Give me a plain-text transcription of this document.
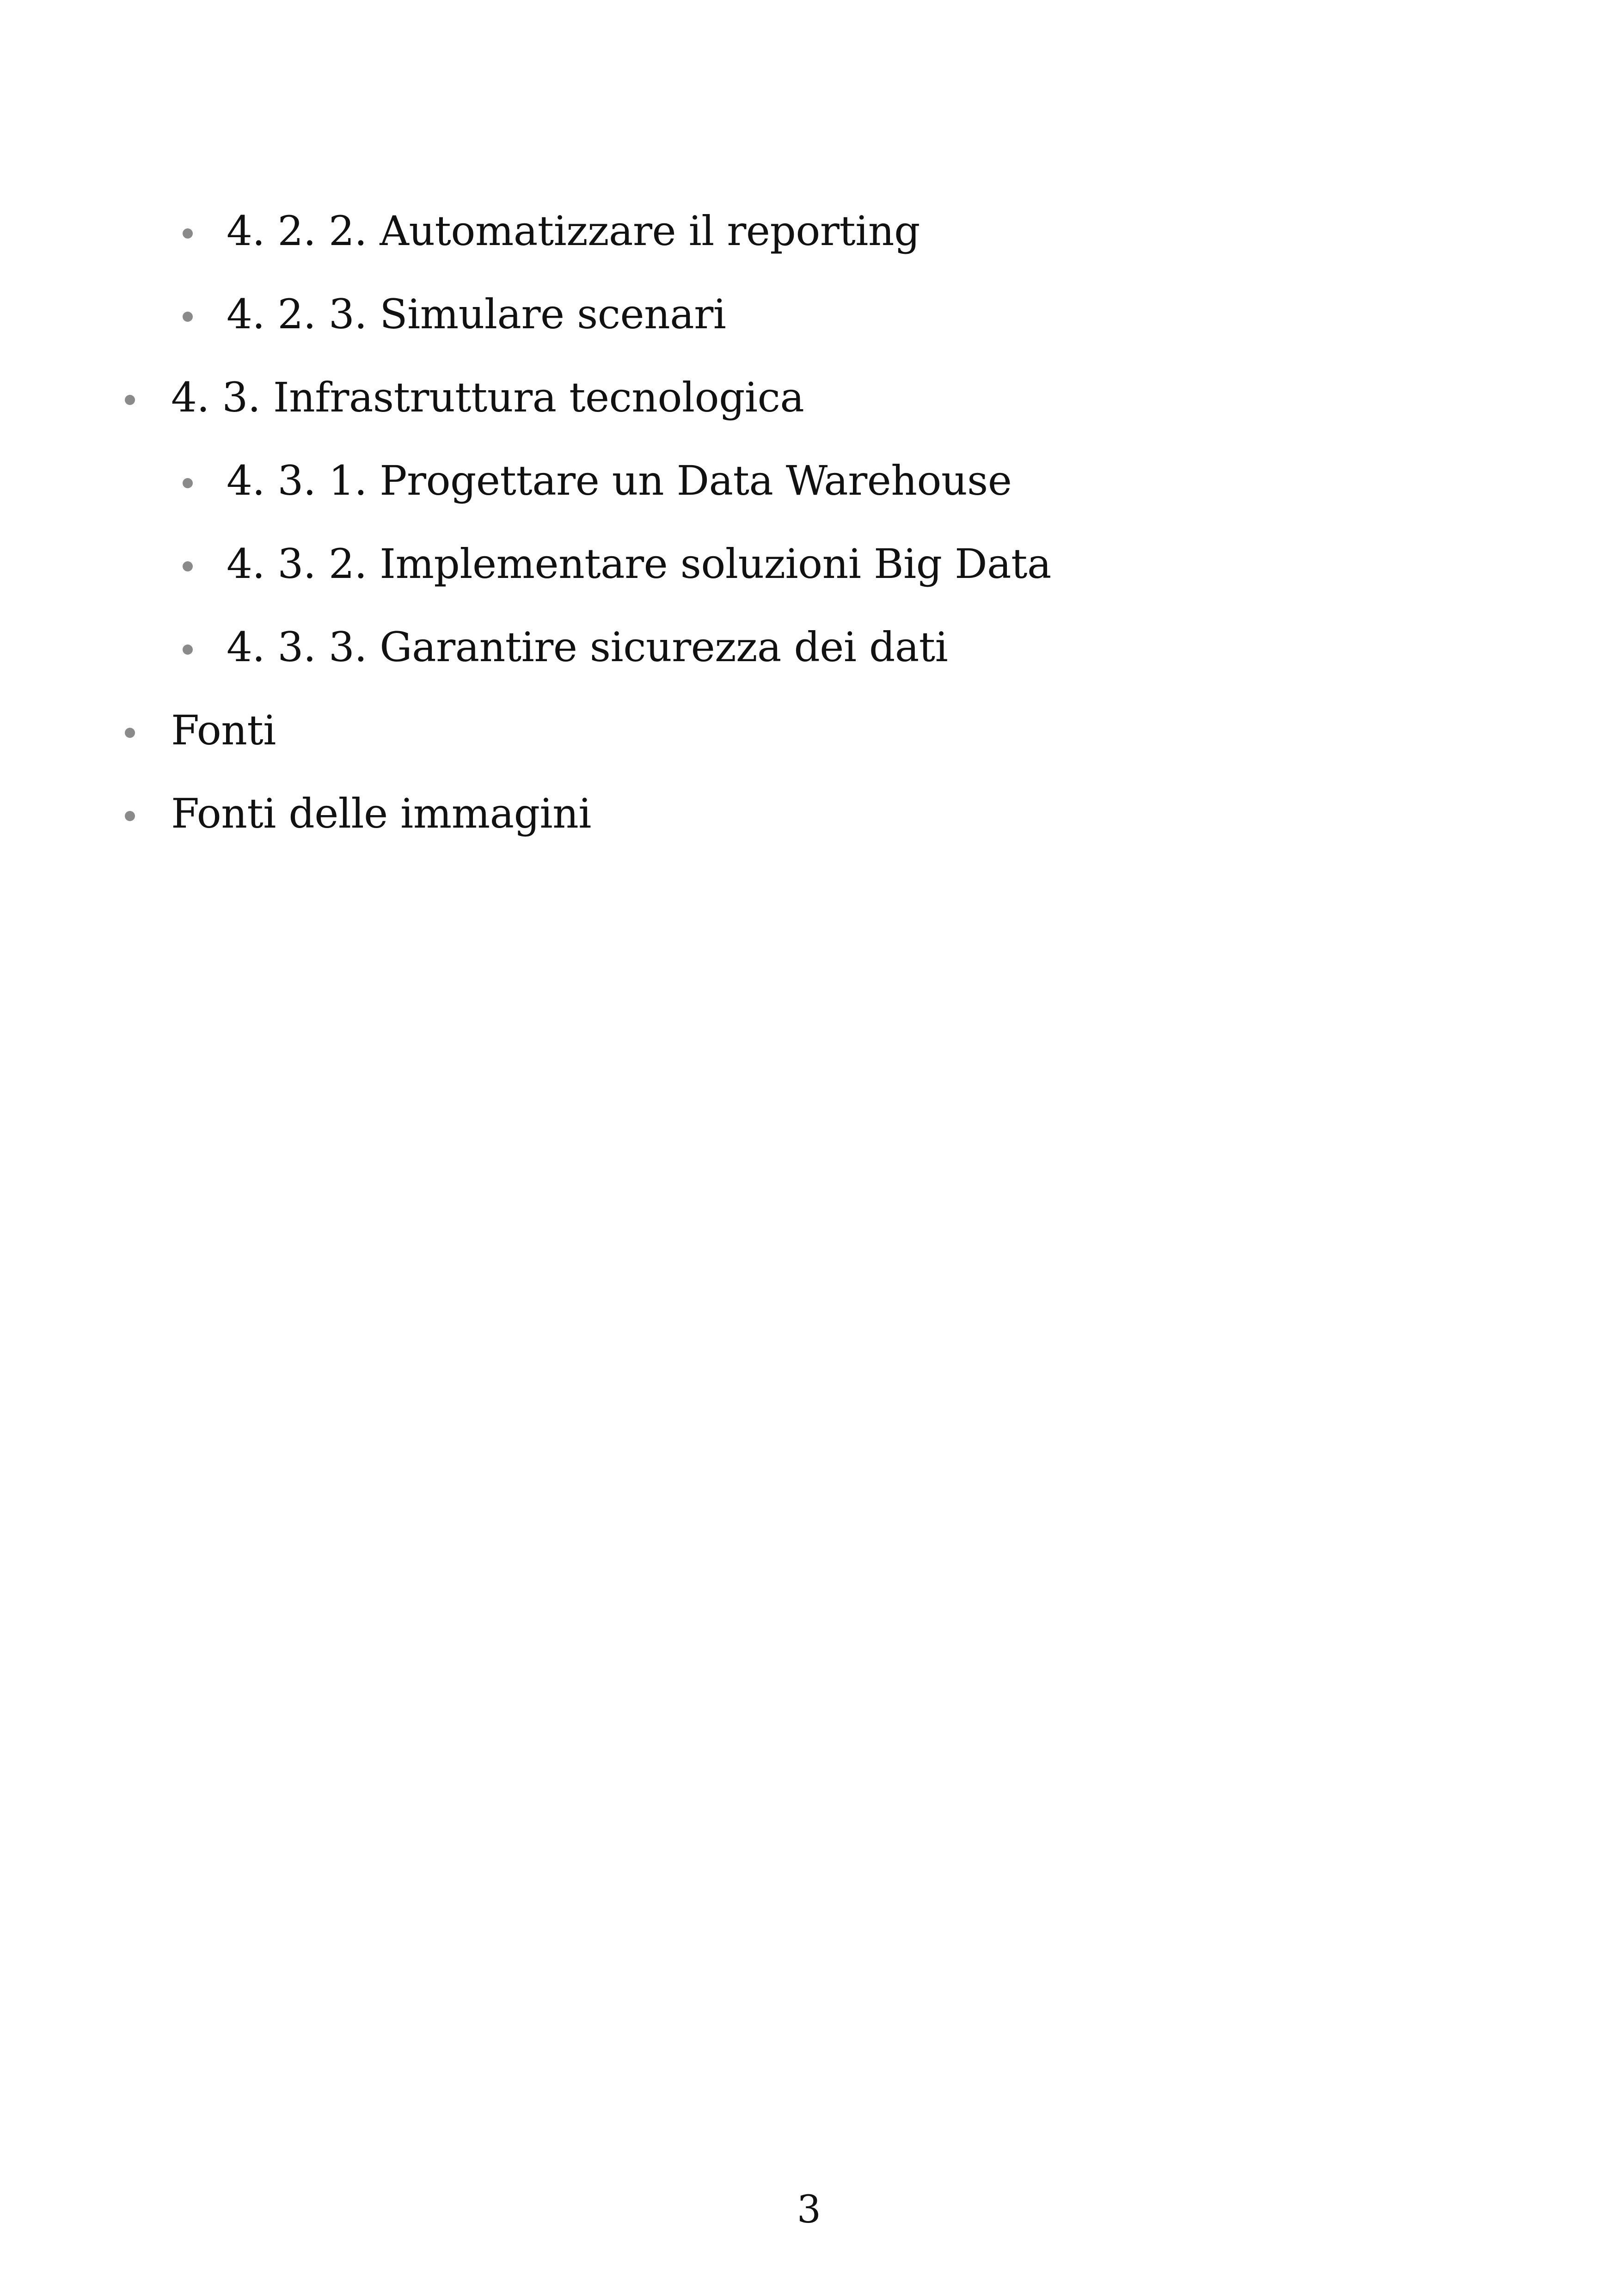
4. 2. 2. Automatizzare il reporting
4. 2. 3. Simulare scenari
4. 3. Infrastruttura tecnologica
4. 3. 1. Progettare un Data Warehouse
4. 3. 2. Implementare soluzioni Big Data
4. 3. 3. Garantire sicurezza dei dati
Fonti
Fonti delle immagini
3
